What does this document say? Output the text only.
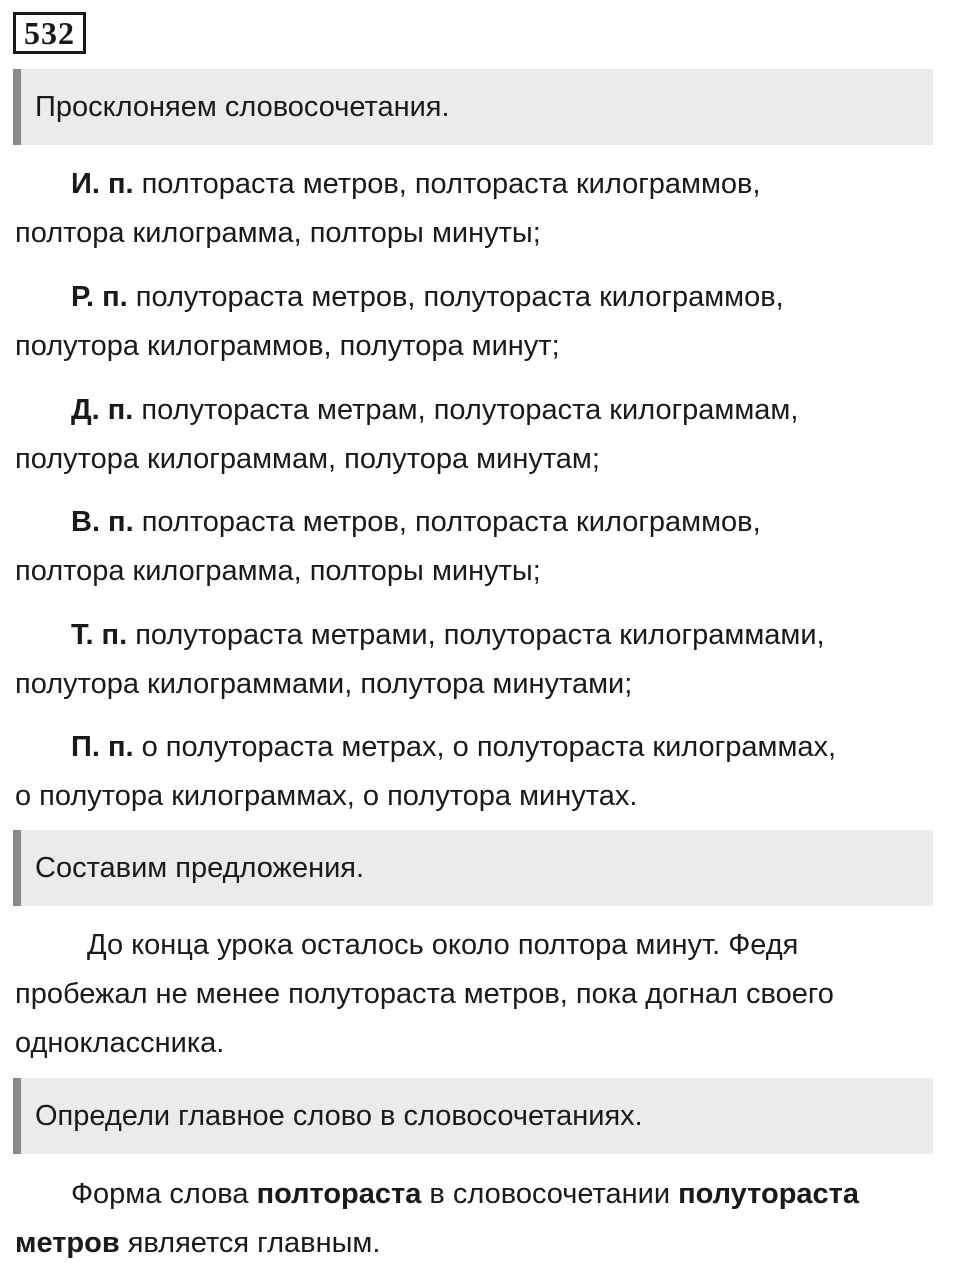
532
Просклоняем словосочетания.
И. п. полтораста метров, полтораста килограммов,
полтора килограмма, полторы минуты;
Р. п. полутораста метров, полутораста килограммов,
полутора килограммов, полутора минут;
Д. п. полутораста метрам, полутораста килограммам,
полутора килограммам, полутора минутам;
В. п. полтораста метров, полтораста килограммов,
полтора килограмма, полторы минуты;
Т. п. полутораста метрами, полутораста килограммами,
полутора килограммами, полутора минутами;
П. п. о полутораста метрах, о полутораста килограммах,
о полутора килограммах, о полутора минутах.
Составим предложения.
До конца урока осталось около полтора минут. Федя
пробежал не менее полутораста метров, пока догнал своего
одноклассника.
Определи главное слово в словосочетаниях.
Форма слова полтораста в словосочетании полутораста
метров является главным.
